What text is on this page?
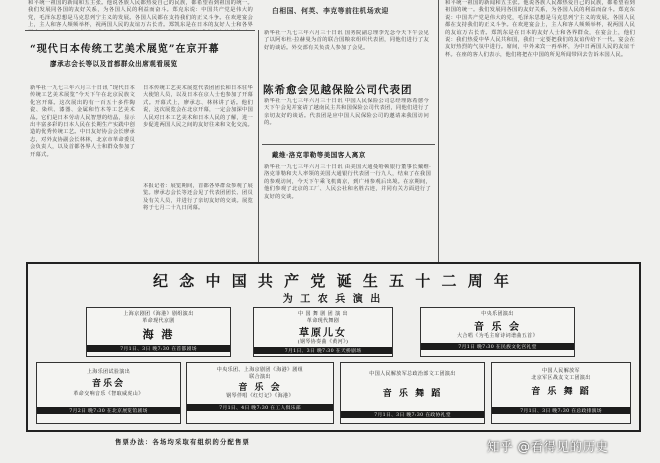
和平统一祖国的新闻和五主张。他说各族人民都热爱自己的民族，都希望看到祖国的统一。我们发展同各国的友好关系，为各国人民的利益而奋斗。郑克东说：中国共产党是伟大的党，毛泽东思想是马克思列宁主义的发展。各国人民都在支持我们的正义斗争。在欢迎宴会上，主人和客人频频举杯，祝两国人民的友谊万古长青。郑凯东是在日本的友好人士和各界
白相国、何英、李克等前往机场欢迎
“现代日本传统工艺美术展览”在京开幕
廖承志会长等以及首都群众出席观看展览
新华社一九七三年六月三十日讯 “现代日本传统工艺美术展览”今天下午在北京民族文化宫开幕。这次展出的有一百五十多件陶瓷、染织、漆器、金属和竹木等工艺美术品。它们是日本劳动人民智慧的结晶，显示出丰富多彩的日本人民在长期生产实践中创造的优秀传统工艺。中日友好协会会长廖承志，对外友协副会长林林，北京市革命委员会负责人，以及首都各界人士和群众参加了开幕式。
日本传统工艺美术展览代表团团长和日本驻华大使馆人员，以及日本在京人士也参加了开幕式。开幕式上，廖承志、林林讲了话。他们说，这次展览会在北京开幕，一定会加深中国人民对日本工艺美术和日本人民的了解，进一步促进两国人民之间的友好往来和文化交流。
本报记者：展览期间，首都各界群众参观了展览。廖承志会长等还会见了代表团团长、团员及有关人员，并进行了亲切友好的交谈。展览将于七月二十九日闭幕。
新华社一九七三年六月三十日讯 国务院副总理李先念今天下午会见了以阿布杜·拉赫曼为首的联合国粮农组织代表团，同他们进行了友好的谈话。外交部有关负责人参加了会见。
陈希愈会见越保险公司代表团
新华社一九七三年六月三十日讯 中国人民保险公司总经理陈希愈今天下午会见并宴请了越南民主共和国保险公司代表团，同他们进行了亲切友好的谈话。代表团是应中国人民保险公司的邀请来我国访问的。
戴维·洛克菲勒等美国客人离京
新华社一九七三年六月三十日讯 由美国大通曼哈顿银行董事长戴维·洛克菲勒和夫人率领的美国大通银行代表团一行九人，结束了在我国的参观访问，今天下午乘飞机离京，到广州参观后出境。在京期间，他们参观了北京的工厂、人民公社和名胜古迹，并同有关方面进行了友好的交谈。
和平统一祖国的新闻和五主张。他说各族人民都热爱自己的民族，都希望看到祖国的统一。我们发展同各国的友好关系，为各国人民的利益而奋斗。郑克东说：中国共产党是伟大的党，毛泽东思想是马克思列宁主义的发展。各国人民都在支持我们的正义斗争。在欢迎宴会上，主人和客人频频举杯，祝两国人民的友谊万古长青。郑凯东是在日本的友好人士和各界群众，在宴会上，他们说：我们热爱中华人民共和国，我们一定要把我们的友谊传给下一代。宴会在友好热烈的气氛中进行。席间，中外来宾一再举杯，为中日两国人民的友谊干杯。在座的客人们表示，他们将把在中国的所见所闻带回去告诉本国人民。
纪 念 中 国 共 产 党 诞 生 五 十 二 周 年
为 工 农 兵 演 出
上海京剧团《海港》剧组演出
革命现代京剧
海 港
7月1日、3日 晚7:30 在首都剧场
中 国 舞 剧 团 演 出
革命现代舞剧
草原儿女
(钢琴协奏曲《黄河》)
7月1日、3日 晚7:30 在天桥剧场
中央乐团演出
音 乐 会
大合唱《为毛主席诗词谱曲五首》
7月1日 晚7:30 在民族文化宫礼堂
上海乐团试验演出
音乐会
革命交响音乐《智取威虎山》
7月2日 晚7:30 在北京展览馆剧场
中央乐团、上海京剧团《海港》剧组
联合演出
音 乐 会
钢琴伴唱《红灯记》《海港》
7月1日、4日 晚7:30 在工人俱乐部
中国人民解放军总政治部文工团演出
音 乐 舞 蹈
7月1日、3日 晚7:30 在政协礼堂
中国人民解放军
北京军区战友文工团演出
音 乐 舞 蹈
7月1日、3日 晚7:30 在总政排演场
售票办法：各场均采取有组织的分配售票	知乎 @看得见的历史
